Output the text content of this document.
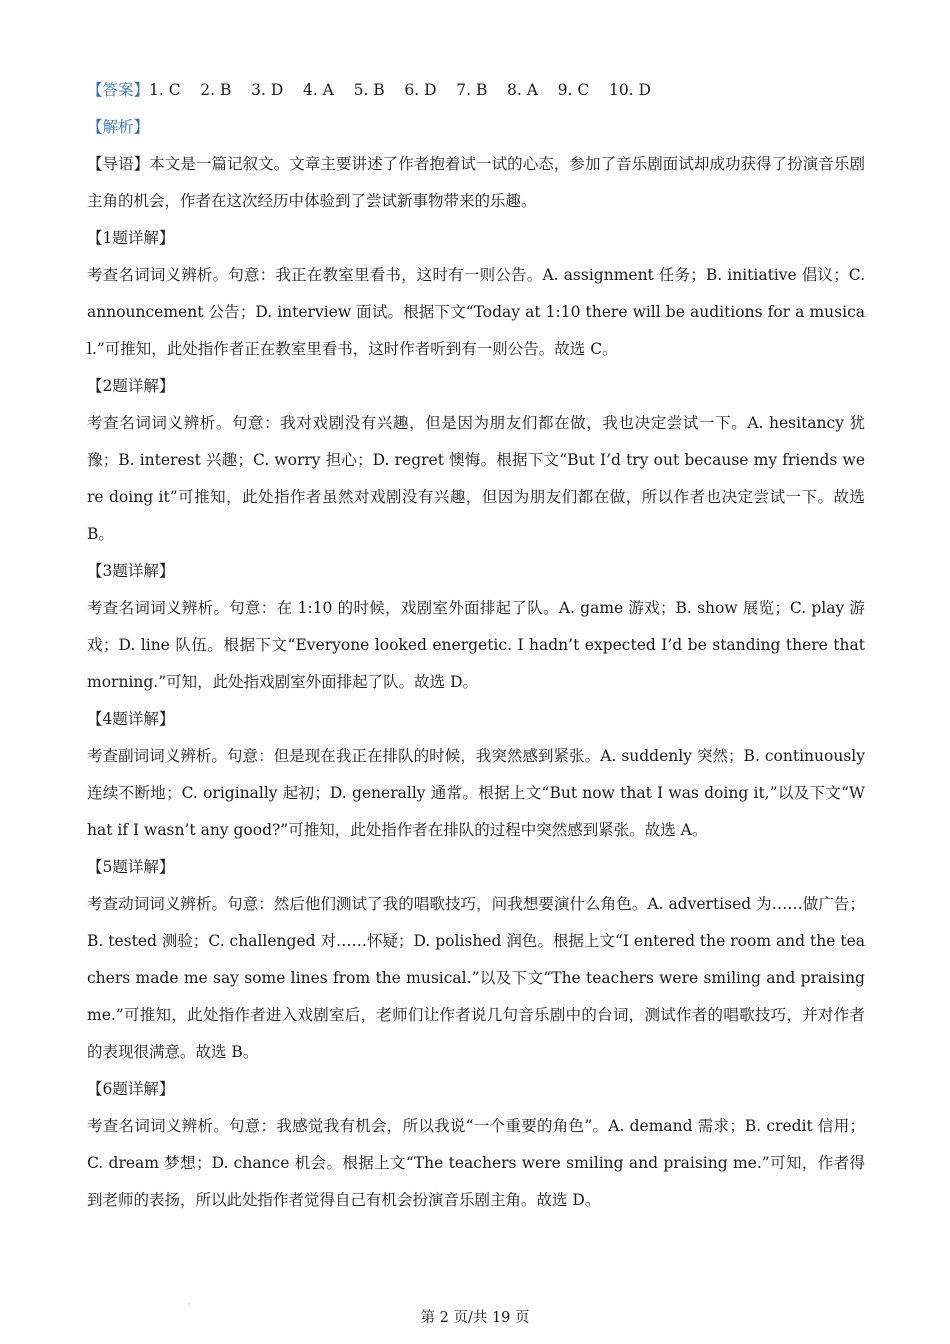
【答案】1. C    2. B    3. D    4. A    5. B    6. D    7. B    8. A    9. C    10. D

【解析】

【导语】本文是一篇记叙文。文章主要讲述了作者抱着试一试的心态，参加了音乐剧面试却成功获得了扮演音乐剧主角的机会，作者在这次经历中体验到了尝试新事物带来的乐趣。

【1题详解】

考查名词词义辨析。句意：我正在教室里看书，这时有一则公告。A. assignment 任务；B. initiative 倡议；C. announcement 公告；D. interview 面试。根据下文“Today at 1:10 there will be auditions for a musical.”可推知，此处指作者正在教室里看书，这时作者听到有一则公告。故选 C。

【2题详解】

考查名词词义辨析。句意：我对戏剧没有兴趣，但是因为朋友们都在做，我也决定尝试一下。A. hesitancy 犹豫；B. interest 兴趣；C. worry 担心；D. regret 懊悔。根据下文“But I’d try out because my friends were doing it”可推知，此处指作者虽然对戏剧没有兴趣，但因为朋友们都在做，所以作者也决定尝试一下。故选 B。

【3题详解】

考查名词词义辨析。句意：在 1:10 的时候，戏剧室外面排起了队。A. game 游戏；B. show 展览；C. play 游戏；D. line 队伍。根据下文“Everyone looked energetic. I hadn’t expected I’d be standing there that morning.”可知，此处指戏剧室外面排起了队。故选 D。

【4题详解】

考查副词词义辨析。句意：但是现在我正在排队的时候，我突然感到紧张。A. suddenly 突然；B. continuously 连续不断地；C. originally 起初；D. generally 通常。根据上文“But now that I was doing it,”以及下文“What if I wasn’t any good?”可推知，此处指作者在排队的过程中突然感到紧张。故选 A。

【5题详解】

考查动词词义辨析。句意：然后他们测试了我的唱歌技巧，问我想要演什么角色。A. advertised 为……做广告；B. tested 测验；C. challenged 对……怀疑；D. polished 润色。根据上文“I entered the room and the teachers made me say some lines from the musical.”以及下文“The teachers were smiling and praising me.”可推知，此处指作者进入戏剧室后，老师们让作者说几句音乐剧中的台词，测试作者的唱歌技巧，并对作者的表现很满意。故选 B。

【6题详解】

考查名词词义辨析。句意：我感觉我有机会，所以我说“一个重要的角色”。A. demand 需求；B. credit 信用；C. dream 梦想；D. chance 机会。根据上文“The teachers were smiling and praising me.”可知，作者得到老师的表扬，所以此处指作者觉得自己有机会扮演音乐剧主角。故选 D。

·
第 2 页/共 19 页
